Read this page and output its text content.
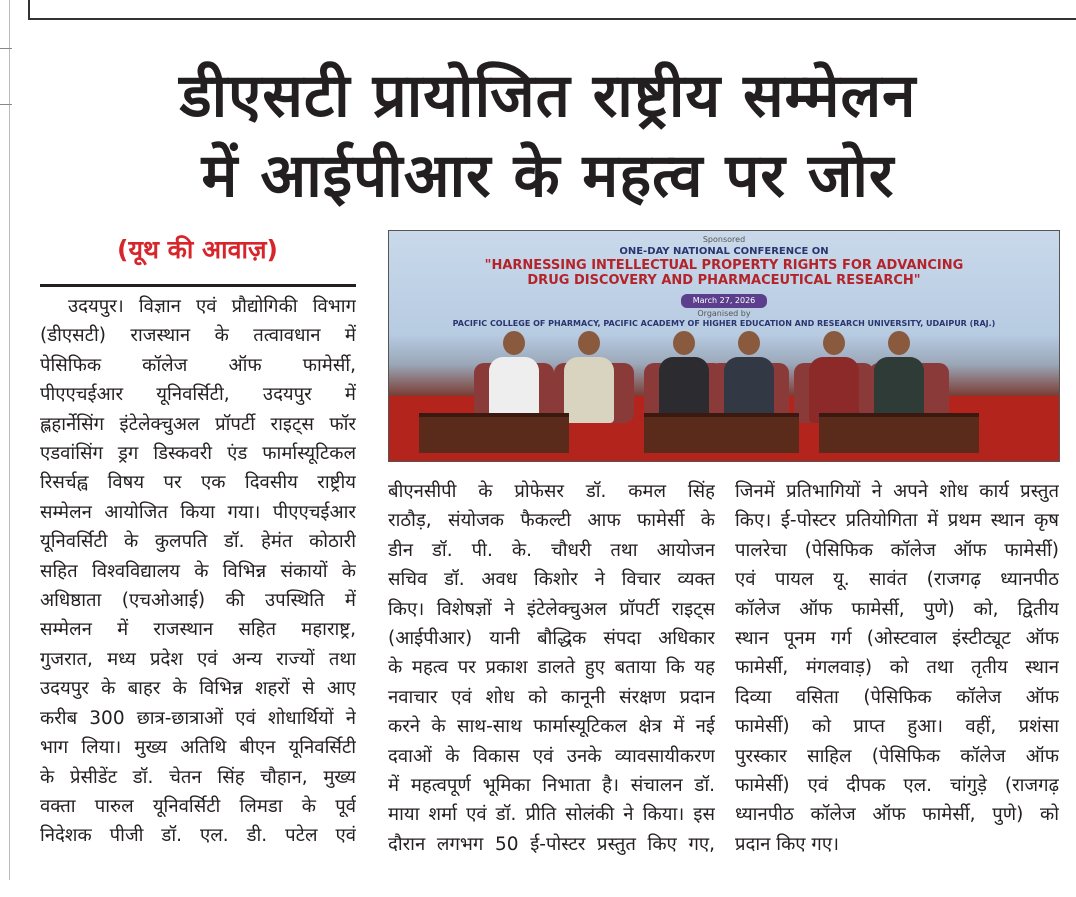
डीएसटी प्रायोजित राष्ट्रीय सम्मेलन
में आईपीआर के महत्व पर जोर
(यूथ की आवाज़)	Sponsored
ONE-DAY NATIONAL CONFERENCE ON
"HARNESSING INTELLECTUAL PROPERTY RIGHTS FOR ADVANCING
DRUG DISCOVERY AND PHARMACEUTICAL RESEARCH"
March 27, 2026
Organised by
PACIFIC COLLEGE OF PHARMACY, PACIFIC ACADEMY OF HIGHER EDUCATION AND RESEARCH UNIVERSITY, UDAIPUR (RAJ.)
उदयपुर। विज्ञान एवं प्रौद्योगिकी विभाग
(डीएसटी) राजस्थान के तत्वावधान में
पेसिफिक कॉलेज ऑफ फामेर्सी,
पीएएचईआर यूनिवर्सिटी, उदयपुर में
ह्लहार्नेसिंग इंटेलेक्चुअल प्रॉपर्टी राइट्स फॉर
एडवांसिंग ड्रग डिस्कवरी एंड फार्मास्यूटिकल
रिसर्चह्व विषय पर एक दिवसीय राष्ट्रीय
सम्मेलन आयोजित किया गया। पीएएचईआर
यूनिवर्सिटी के कुलपति डॉ. हेमंत कोठारी
सहित विश्वविद्यालय के विभिन्न संकायों के
अधिष्ठाता (एचओआई) की उपस्थिति में
सम्मेलन में राजस्थान सहित महाराष्ट्र,
गुजरात, मध्य प्रदेश एवं अन्य राज्यों तथा
उदयपुर के बाहर के विभिन्न शहरों से आए
करीब 300 छात्र-छात्राओं एवं शोधार्थियों ने
भाग लिया। मुख्य अतिथि बीएन यूनिवर्सिटी
के प्रेसीडेंट डॉ. चेतन सिंह चौहान, मुख्य
वक्ता पारुल यूनिवर्सिटी लिमडा के पूर्व
निदेशक पीजी डॉ. एल. डी. पटेल एवं
बीएनसीपी के प्रोफेसर डॉ. कमल सिंह
राठौड़, संयोजक फैकल्टी आफ फामेर्सी के
डीन डॉ. पी. के. चौधरी तथा आयोजन
सचिव डॉ. अवध किशोर ने विचार व्यक्त
किए। विशेषज्ञों ने इंटेलेक्चुअल प्रॉपर्टी राइट्स
(आईपीआर) यानी बौद्धिक संपदा अधिकार
के महत्व पर प्रकाश डालते हुए बताया कि यह
नवाचार एवं शोध को कानूनी संरक्षण प्रदान
करने के साथ-साथ फार्मास्यूटिकल क्षेत्र में नई
दवाओं के विकास एवं उनके व्यावसायीकरण
में महत्वपूर्ण भूमिका निभाता है। संचालन डॉ.
माया शर्मा एवं डॉ. प्रीति सोलंकी ने किया। इस
दौरान लगभग 50 ई-पोस्टर प्रस्तुत किए गए,
जिनमें प्रतिभागियों ने अपने शोध कार्य प्रस्तुत
किए। ई-पोस्टर प्रतियोगिता में प्रथम स्थान कृष
पालरेचा (पेसिफिक कॉलेज ऑफ फामेर्सी)
एवं पायल यू. सावंत (राजगढ़ ध्यानपीठ
कॉलेज ऑफ फामेर्सी, पुणे) को, द्वितीय
स्थान पूनम गर्ग (ओस्टवाल इंस्टीट्यूट ऑफ
फामेर्सी, मंगलवाड़) को तथा तृतीय स्थान
दिव्या वसिता (पेसिफिक कॉलेज ऑफ
फामेर्सी) को प्राप्त हुआ। वहीं, प्रशंसा
पुरस्कार साहिल (पेसिफिक कॉलेज ऑफ
फामेर्सी) एवं दीपक एल. चांगुड़े (राजगढ़
ध्यानपीठ कॉलेज ऑफ फामेर्सी, पुणे) को
प्रदान किए गए।
